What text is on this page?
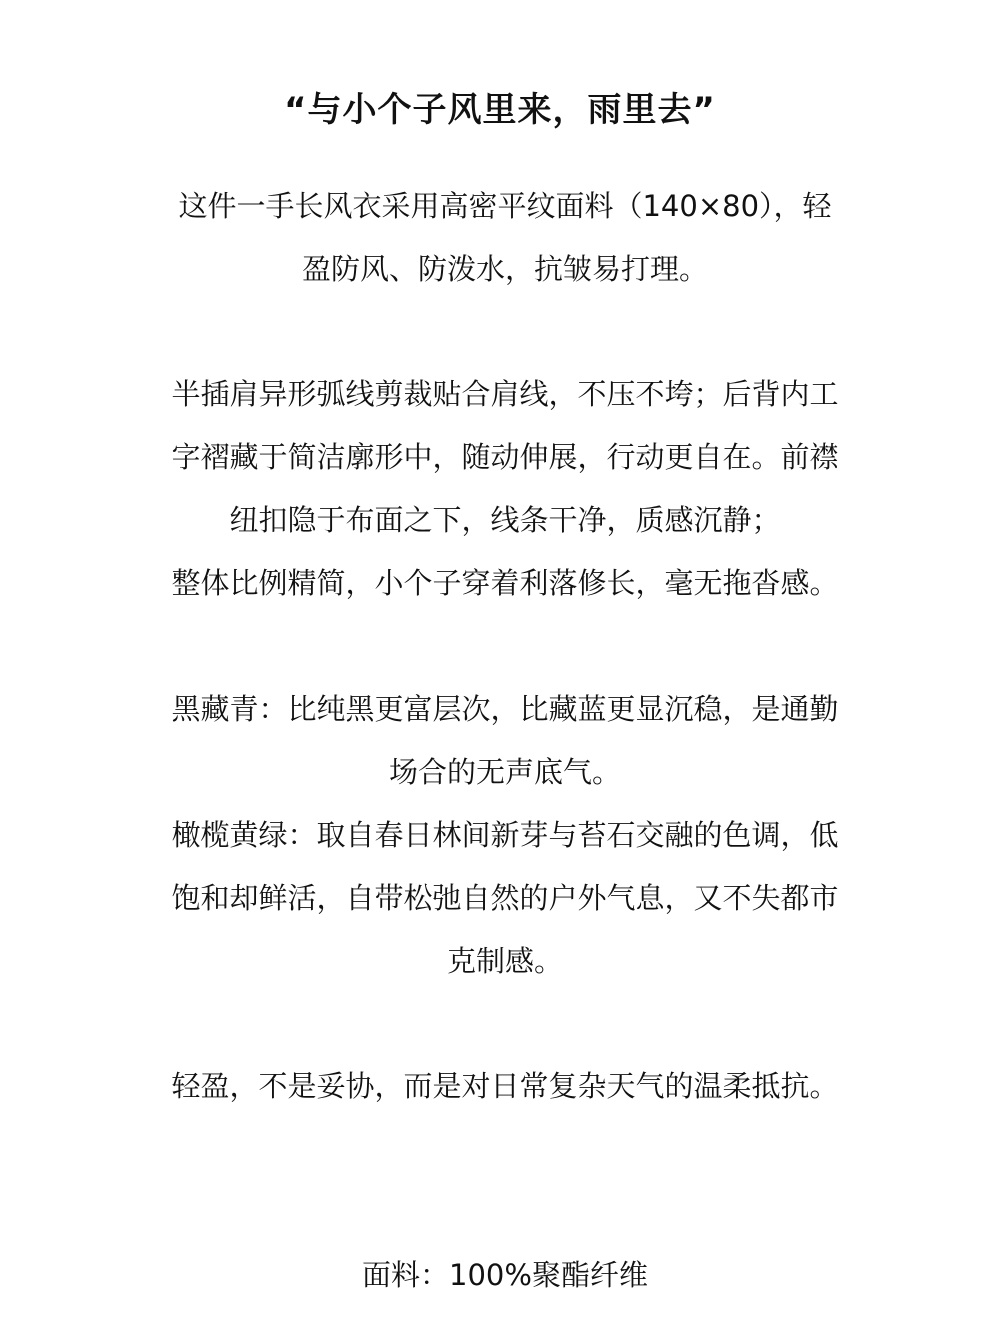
“与小个子风里来，雨里去”

这件一手长风衣采用高密平纹面料（140×80），轻
盈防风、防泼水，抗皱易打理。

半插肩异形弧线剪裁贴合肩线，不压不垮；后背内工
字褶藏于简洁廓形中，随动伸展，行动更自在。前襟
纽扣隐于布面之下，线条干净，质感沉静；
整体比例精简，小个子穿着利落修长，毫无拖沓感。

黑藏青：比纯黑更富层次，比藏蓝更显沉稳，是通勤
场合的无声底气。
橄榄黄绿：取自春日林间新芽与苔石交融的色调，低
饱和却鲜活，自带松弛自然的户外气息，又不失都市
克制感。

轻盈，不是妥协，而是对日常复杂天气的温柔抵抗。

面料：100%聚酯纤维
